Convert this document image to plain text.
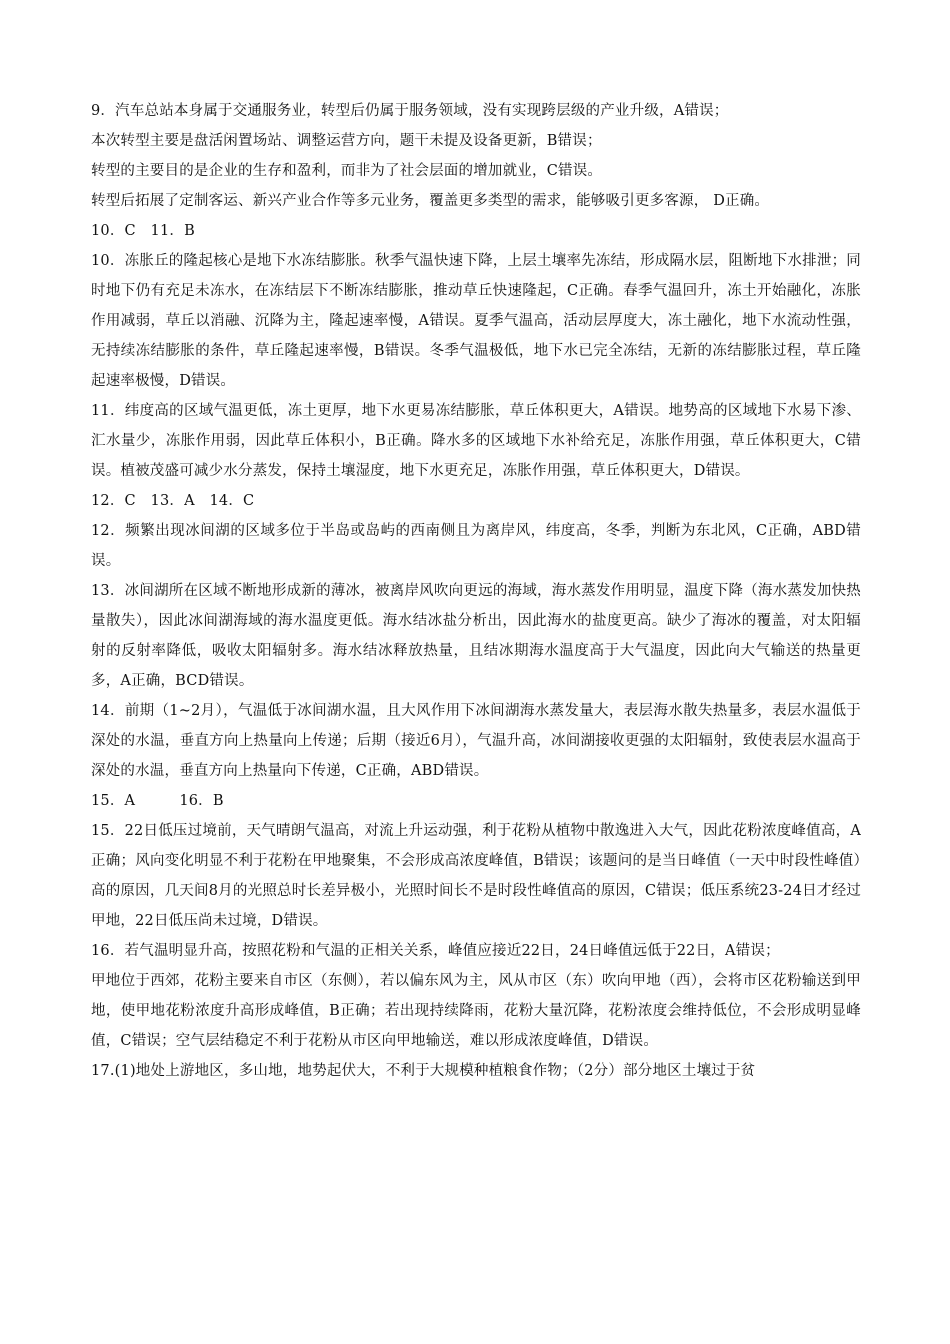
9．汽车总站本身属于交通服务业，转型后仍属于服务领域，没有实现跨层级的产业升级，A错误；

本次转型主要是盘活闲置场站、调整运营方向，题干未提及设备更新，B错误；

转型的主要目的是企业的生存和盈利，而非为了社会层面的增加就业，C错误。

转型后拓展了定制客运、新兴产业合作等多元业务，覆盖更多类型的需求，能够吸引更多客源， D正确。

10．C　11．B

10．冻胀丘的隆起核心是地下水冻结膨胀。秋季气温快速下降，上层土壤率先冻结，形成隔水层，阻断地下水排泄；同时地下仍有充足未冻水，在冻结层下不断冻结膨胀，推动草丘快速隆起，C正确。春季气温回升，冻土开始融化，冻胀作用减弱，草丘以消融、沉降为主，隆起速率慢，A错误。夏季气温高，活动层厚度大，冻土融化，地下水流动性强，无持续冻结膨胀的条件，草丘隆起速率慢，B错误。冬季气温极低，地下水已完全冻结，无新的冻结膨胀过程，草丘隆起速率极慢，D错误。

11．纬度高的区域气温更低，冻土更厚，地下水更易冻结膨胀，草丘体积更大，A错误。地势高的区域地下水易下渗、汇水量少，冻胀作用弱，因此草丘体积小，B正确。降水多的区域地下水补给充足，冻胀作用强，草丘体积更大，C错误。植被茂盛可减少水分蒸发，保持土壤湿度，地下水更充足，冻胀作用强，草丘体积更大，D错误。

12．C　13．A　14．C

12．频繁出现冰间湖的区域多位于半岛或岛屿的西南侧且为离岸风，纬度高，冬季，判断为东北风，C正确，ABD错误。

13．冰间湖所在区域不断地形成新的薄冰，被离岸风吹向更远的海域，海水蒸发作用明显，温度下降（海水蒸发加快热量散失），因此冰间湖海域的海水温度更低。海水结冰盐分析出，因此海水的盐度更高。缺少了海冰的覆盖，对太阳辐射的反射率降低，吸收太阳辐射多。海水结冰释放热量，且结冰期海水温度高于大气温度，因此向大气输送的热量更多，A正确，BCD错误。

14．前期（1~2月），气温低于冰间湖水温，且大风作用下冰间湖海水蒸发量大，表层海水散失热量多，表层水温低于深处的水温，垂直方向上热量向上传递；后期（接近6月），气温升高，冰间湖接收更强的太阳辐射，致使表层水温高于深处的水温，垂直方向上热量向下传递，C正确，ABD错误。

15．A　　　16．B

15．22日低压过境前，天气晴朗气温高，对流上升运动强，利于花粉从植物中散逸进入大气，因此花粉浓度峰值高，A正确；风向变化明显不利于花粉在甲地聚集，不会形成高浓度峰值，B错误；该题问的是当日峰值（一天中时段性峰值）高的原因，几天间8月的光照总时长差异极小，光照时间长不是时段性峰值高的原因，C错误；低压系统23-24日才经过甲地，22日低压尚未过境，D错误。

16．若气温明显升高，按照花粉和气温的正相关关系，峰值应接近22日，24日峰值远低于22日，A错误；

甲地位于西郊，花粉主要来自市区（东侧），若以偏东风为主，风从市区（东）吹向甲地（西），会将市区花粉输送到甲地，使甲地花粉浓度升高形成峰值，B正确；若出现持续降雨，花粉大量沉降，花粉浓度会维持低位，不会形成明显峰值，C错误；空气层结稳定不利于花粉从市区向甲地输送，难以形成浓度峰值，D错误。

17.(1)地处上游地区，多山地，地势起伏大，不利于大规模种植粮食作物；（2分）部分地区土壤过于贫
